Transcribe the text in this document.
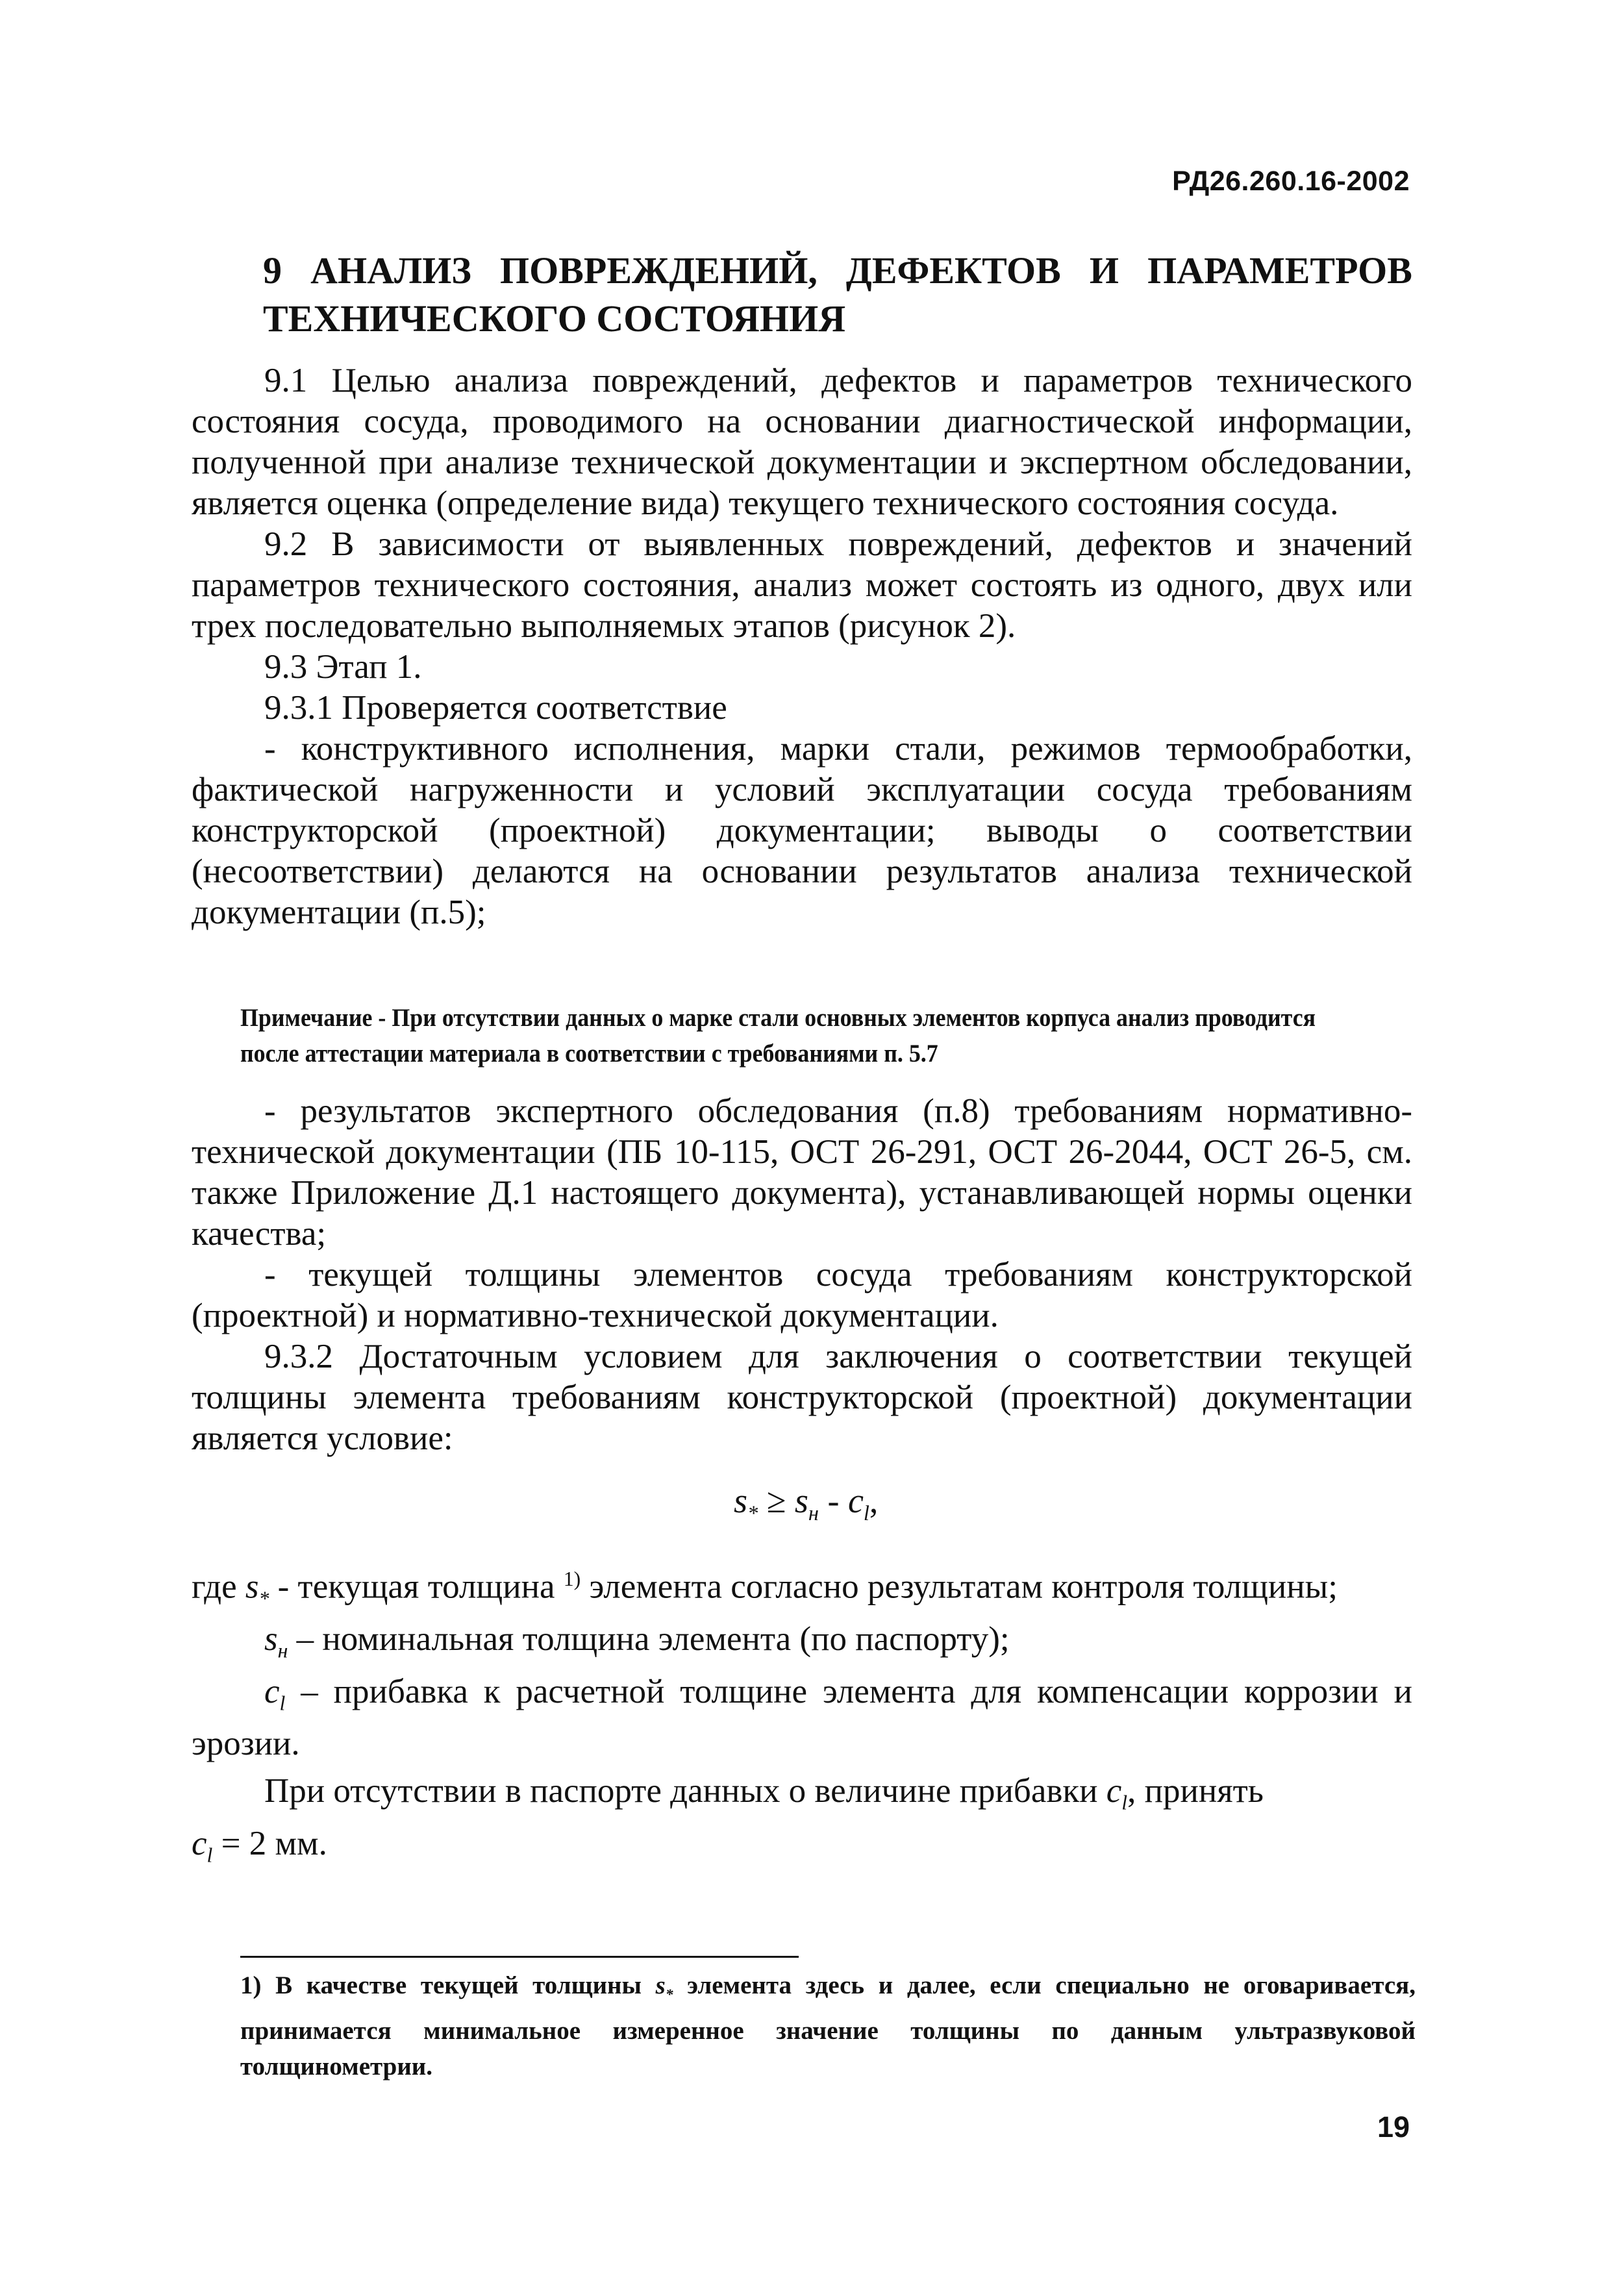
РД26.260.16-2002
9 АНАЛИЗ ПОВРЕЖДЕНИЙ, ДЕФЕКТОВ И ПАРАМЕТРОВ ТЕХНИЧЕСКОГО СОСТОЯНИЯ

9.1 Целью анализа повреждений, дефектов и параметров технического состояния сосуда, проводимого на основании диагностической информации, полученной при анализе технической документации и экспертном обследовании, является оценка (определение вида) текущего технического состояния сосуда.

9.2 В зависимости от выявленных повреждений, дефектов и значений параметров технического состояния, анализ может состоять из одного, двух или трех последовательно выполняемых этапов (рисунок 2).

9.3 Этап 1.

9.3.1 Проверяется соответствие

- конструктивного исполнения, марки стали, режимов термообработки, фактической нагруженности и условий эксплуатации сосуда требованиям конструкторской (проектной) документации; выводы о соответствии (несоответствии) делаются на основании результатов анализа технической документации (п.5);

Примечание - При отсутствии данных о марке стали основных элементов корпуса анализ проводится после аттестации материала в соответствии с требованиями п. 5.7

- результатов экспертного обследования (п.8) требованиям нормативно-технической документации (ПБ 10-115, ОСТ 26-291, ОСТ 26-2044, ОСТ 26-5, см. также Приложение Д.1 настоящего документа), устанавливающей нормы оценки качества;

- текущей толщины элементов сосуда требованиям конструкторской (проектной) и нормативно-технической документации.

9.3.2 Достаточным условием для заключения о соответствии текущей толщины элемента требованиям конструкторской (проектной) документации является условие:

$s_* \ge s_н - c_l$,

где $s_*$ - текущая толщина $^{1)}$ элемента согласно результатам контроля толщины;

$s_н$ – номинальная толщина элемента (по паспорту);

$c_l$ – прибавка к расчетной толщине элемента для компенсации коррозии и эрозии.

При отсутствии в паспорте данных о величине прибавки $c_l$, принять

$c_l = 2$ мм.

1) В качестве текущей толщины $s_*$ элемента здесь и далее, если специально не оговаривается, принимается минимальное измеренное значение толщины по данным ультразвуковой толщинометрии.

19
